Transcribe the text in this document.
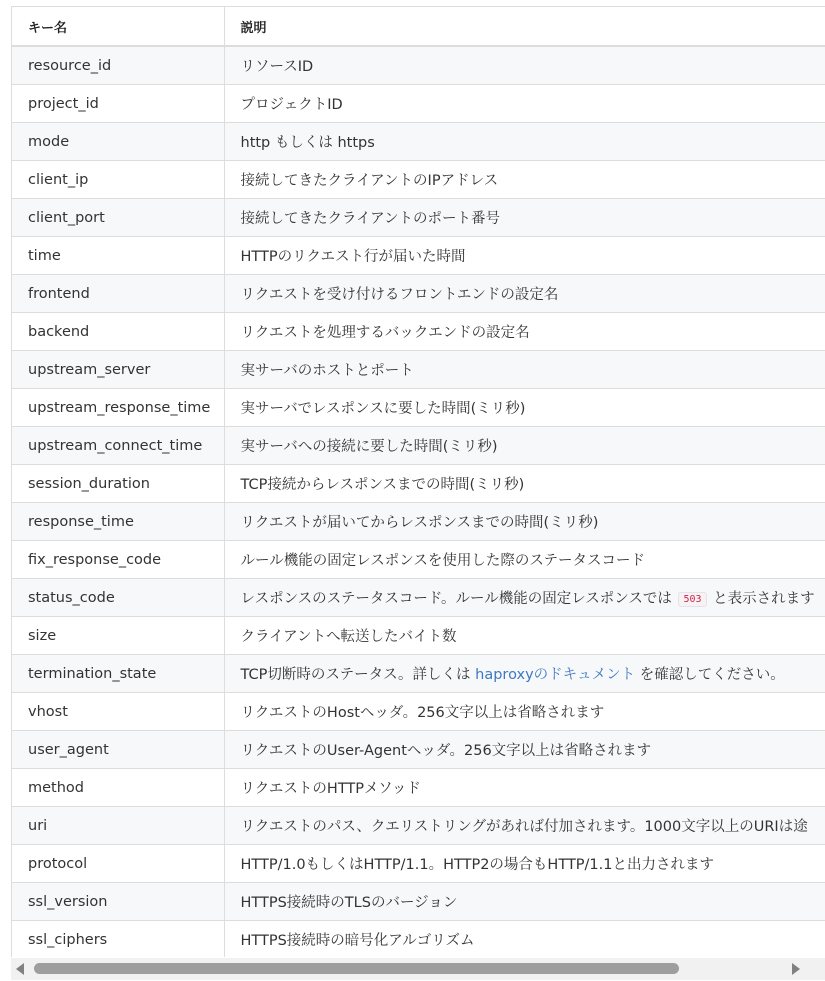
キー名	説明
resource_id	リソースID
project_id	プロジェクトID
mode	http もしくは https
client_ip	接続してきたクライアントのIPアドレス
client_port	接続してきたクライアントのポート番号
time	HTTPのリクエスト行が届いた時間
frontend	リクエストを受け付けるフロントエンドの設定名
backend	リクエストを処理するバックエンドの設定名
upstream_server	実サーバのホストとポート
upstream_response_time	実サーバでレスポンスに要した時間(ミリ秒)
upstream_connect_time	実サーバへの接続に要した時間(ミリ秒)
session_duration	TCP接続からレスポンスまでの時間(ミリ秒)
response_time	リクエストが届いてからレスポンスまでの時間(ミリ秒)
fix_response_code	ルール機能の固定レスポンスを使用した際のステータスコード
status_code	レスポンスのステータスコード。ルール機能の固定レスポンスでは 503 と表示されます
size	クライアントへ転送したバイト数
termination_state	TCP切断時のステータス。詳しくは haproxyのドキュメント を確認してください。
vhost	リクエストのHostヘッダ。256文字以上は省略されます
user_agent	リクエストのUser-Agentヘッダ。256文字以上は省略されます
method	リクエストのHTTPメソッド
uri	リクエストのパス、クエリストリングがあれば付加されます。1000文字以上のURIは途
protocol	HTTP/1.0もしくはHTTP/1.1。HTTP2の場合もHTTP/1.1と出力されます
ssl_version	HTTPS接続時のTLSのバージョン
ssl_ciphers	HTTPS接続時の暗号化アルゴリズム
